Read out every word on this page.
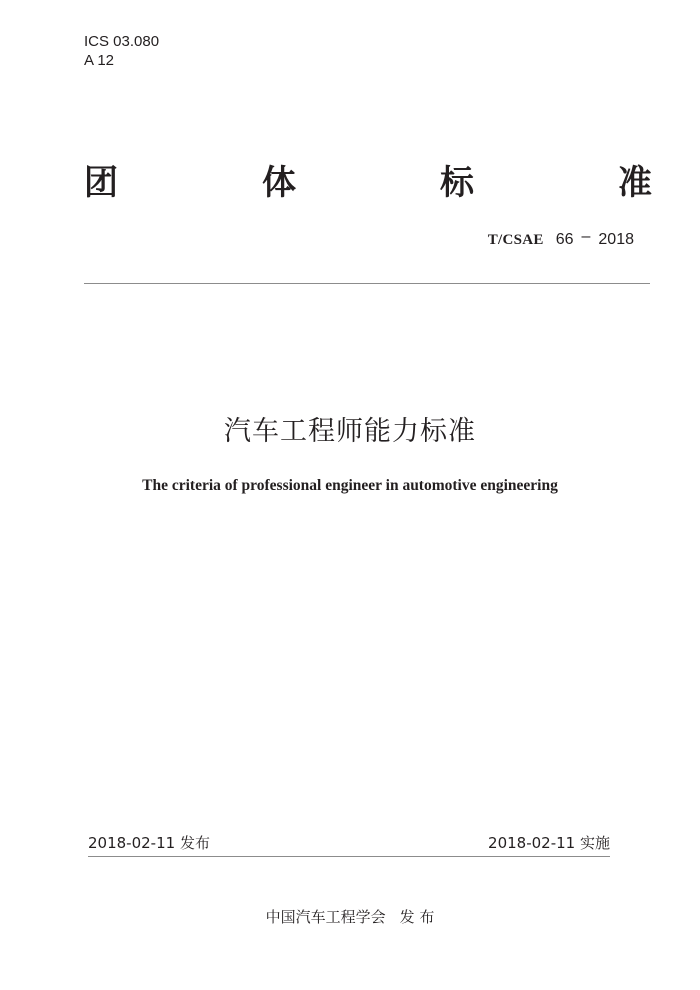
ICS 03.080
A 12
团	体	标	准
T/CSAE 66 – 2018
汽车工程师能力标准
The criteria of professional engineer in automotive engineering
2018-02-11 发布	2018-02-11 实施
中国汽车工程学会 发 布
